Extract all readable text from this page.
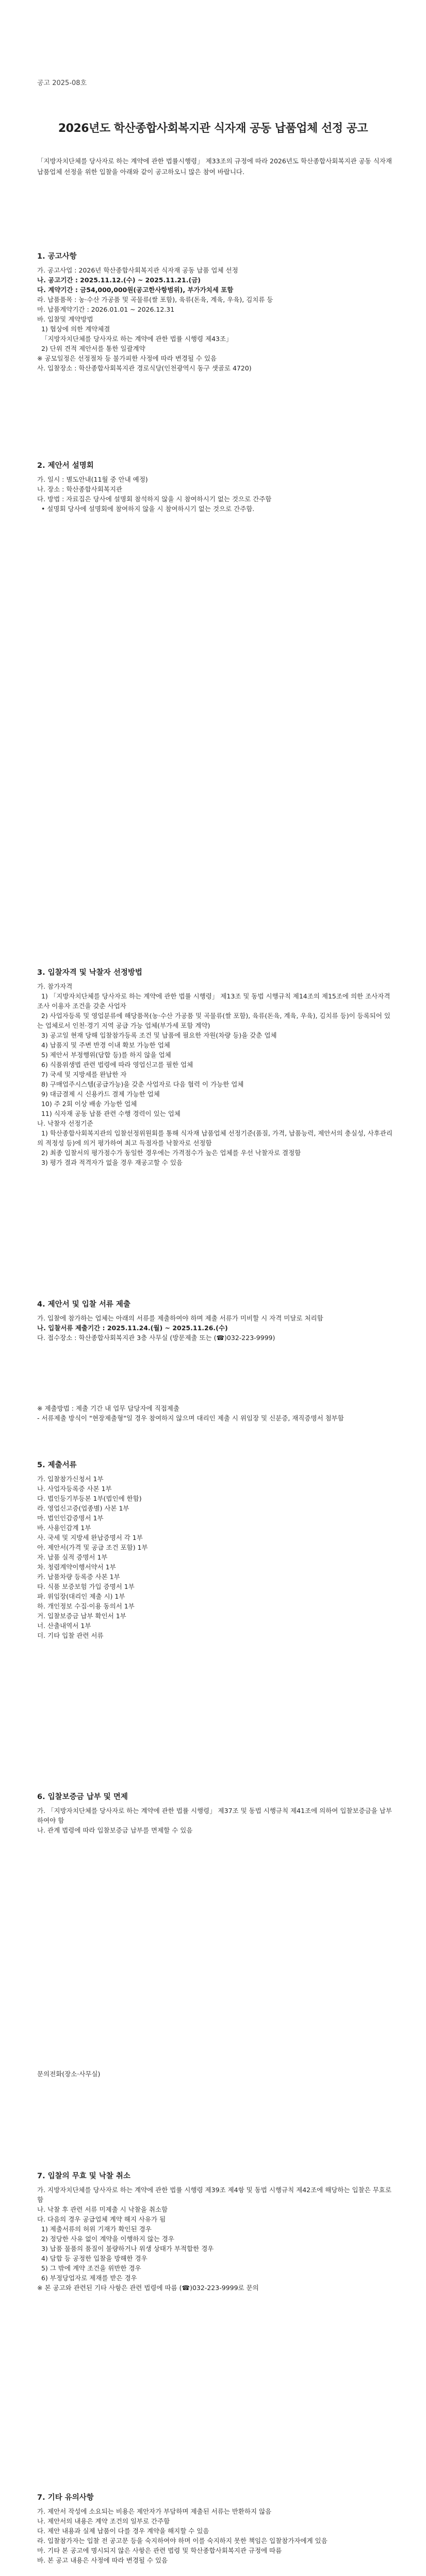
공고 2025-08호
2026년도 학산종합사회복지관 식자재 공동 납품업체 선정 공고
「지방자치단체를 당사자로 하는 계약에 관한 법률시행령」 제33조의 규정에 따라 2026년도 학산종합사회복지관 공동 식자재 납품업체 선정을 위한 입찰을 아래와 같이 공고하오니 많은 참여 바랍니다.
1. 공고사항

가. 공고사업 : 2026년 학산종합사회복지관 식자재 공동 납품 업체 선정

나. 공고기간 : 2025.11.12.(수) ~ 2025.11.21.(금)

다. 계약기간 : 금54,000,000원(공고한사항범위), 부가가치세 포함

라. 납품품목 : 농·수산 가공품 및 곡물류(쌀 포함), 육류(돈육, 계육, 우육), 김치류 등

마. 납품계약기간 : 2026.01.01 ~ 2026.12.31

바. 입찰및 계약방법

1) 협상에 의한 계약체결

「지방자치단체를 당사자로 하는 계약에 관한 법률 시행령 제43조」

2) 단위 견적 제안서를 통한 일괄계약

※ 공모일정은 선정절차 등 불가피한 사정에 따라 변경될 수 있음

사. 입찰장소 : 학산종합사회복지관 경로식당(인천광역시 동구 샛골로 4720)

2. 제안서 설명회

가. 일시 : 별도안내(11월 중 안내 예정)

나. 장소 : 학산종합사회복지관

다. 방법 : 자료집은 당사에 설명회 참석하지 않을 시 참여하시기 없는 것으로 간주함

• 설명회 당사에 설명회에 참여하지 않을 시 참여하시기 없는 것으로 간주함.

3. 입찰자격 및 낙찰자 선정방법

가. 참가자격

1) 「지방자치단체를 당사자로 하는 계약에 관한 법률 시행령」 제13조 및 동법 시행규칙 제14조의 제15조에 의한 조사자격조사 이용자 조건을 갖춘 사업자

2) 사업자등록 및 영업분류에 해당품목(농·수산 가공품 및 곡물류(쌀 포함), 육류(돈육, 계육, 우육), 김치류 등)이 등록되어 있는 업체로서 인천·경기 지역 공급 가능 업체(부가세 포함 계약)

3) 공고일 현재 당해 입찰참가등록 조건 및 납품에 필요한 자원(차량 등)을 갖춘 업체

4) 납품지 및 주변 반경 이내 확보 가능한 업체

5) 제안서 부정행위(담합 등)를 하지 않을 업체

6) 식품위생법 관련 법령에 따라 영업신고를 필한 업체

7) 국세 및 지방세를 완납한 자

8) 구매업주시스템(공급가능)을 갖춘 사업자로 다음 협력 이 가능한 업체

9) 대금결제 시 신용카드 결제 가능한 업체

10) 주 2회 이상 배송 가능한 업체

11) 식자재 공동 납품 관련 수행 경력이 있는 업체

나. 낙찰자 선정기준

1) 학산종합사회복지관의 입찰선정위원회를 통해 식자재 납품업체 선정기준(품질, 가격, 납품능력, 제안서의 충실성, 사후관리의 적정성 등)에 의거 평가하여 최고 득점자를 낙찰자로 선정함

2) 최종 입찰서의 평가점수가 동일한 경우에는 가격점수가 높은 업체를 우선 낙찰자로 결정함

3) 평가 결과 적격자가 없을 경우 재공고할 수 있음

4. 제안서 및 입찰 서류 제출

가. 입찰에 참가하는 업체는 아래의 서류를 제출하여야 하며 제출 서류가 미비할 시 자격 미달로 처리함

나. 입찰서류 제출기간 : 2025.11.24.(월) ~ 2025.11.26.(수)

다. 접수장소 : 학산종합사회복지관 3층 사무실 (방문제출 또는 (☎)032-223-9999)

5. 제출서류

가. 입찰참가신청서 1부

나. 사업자등록증 사본 1부

다. 법인등기부등본 1부(법인에 한함)

라. 영업신고증(업종별) 사본 1부

마. 법인인감증명서 1부

바. 사용인감계 1부

사. 국세 및 지방세 완납증명서 각 1부

아. 제안서(가격 및 공급 조건 포함) 1부

자. 납품 실적 증명서 1부

차. 청렴계약이행서약서 1부

카. 납품차량 등록증 사본 1부

타. 식품 보증보험 가입 증명서 1부

파. 위임장(대리인 제출 시) 1부

하. 개인정보 수집·이용 동의서 1부

거. 입찰보증금 납부 확인서 1부

너. 산출내역서 1부

더. 기타 입찰 관련 서류

6. 입찰보증금 납부 및 면제

가. 「지방자치단체를 당사자로 하는 계약에 관한 법률 시행령」 제37조 및 동법 시행규칙 제41조에 의하여 입찰보증금을 납부하여야 함

나. 관계 법령에 따라 입찰보증금 납부를 면제할 수 있음

7. 입찰의 무효 및 낙찰 취소

가. 지방자치단체를 당사자로 하는 계약에 관한 법률 시행령 제39조 제4항 및 동법 시행규칙 제42조에 해당하는 입찰은 무효로 함

나. 낙찰 후 관련 서류 미제출 시 낙찰을 취소함

다. 다음의 경우 공급업체 계약 해지 사유가 됨

1) 제출서류의 허위 기재가 확인된 경우

2) 정당한 사유 없이 계약을 이행하지 않는 경우

3) 납품 물품의 품질이 불량하거나 위생 상태가 부적합한 경우

4) 담합 등 공정한 입찰을 방해한 경우

5) 그 밖에 계약 조건을 위반한 경우

6) 부정당업자로 제재를 받은 경우

※ 본 공고와 관련된 기타 사항은 관련 법령에 따름 (☎)032-223-9999로 문의

7. 기타 유의사항

가. 제안서 작성에 소요되는 비용은 제안자가 부담하며 제출된 서류는 반환하지 않음

나. 제안서의 내용은 계약 조건의 일부로 간주함

다. 제안 내용과 실제 납품이 다를 경우 계약을 해지할 수 있음

라. 입찰참가자는 입찰 전 공고문 등을 숙지하여야 하며 이를 숙지하지 못한 책임은 입찰참가자에게 있음

마. 기타 본 공고에 명시되지 않은 사항은 관련 법령 및 학산종합사회복지관 규정에 따름

바. 본 공고 내용은 사정에 따라 변경될 수 있음

※ 제출방법 : 제출 기간 내 업무 담당자에 직접제출

- 서류제출 방식이 "현장제출형"일 경우 참여하지 않으며 대리인 제출 시 위임장 및 신분증, 재직증명서 첨부함

문의전화(장소·사무실)
